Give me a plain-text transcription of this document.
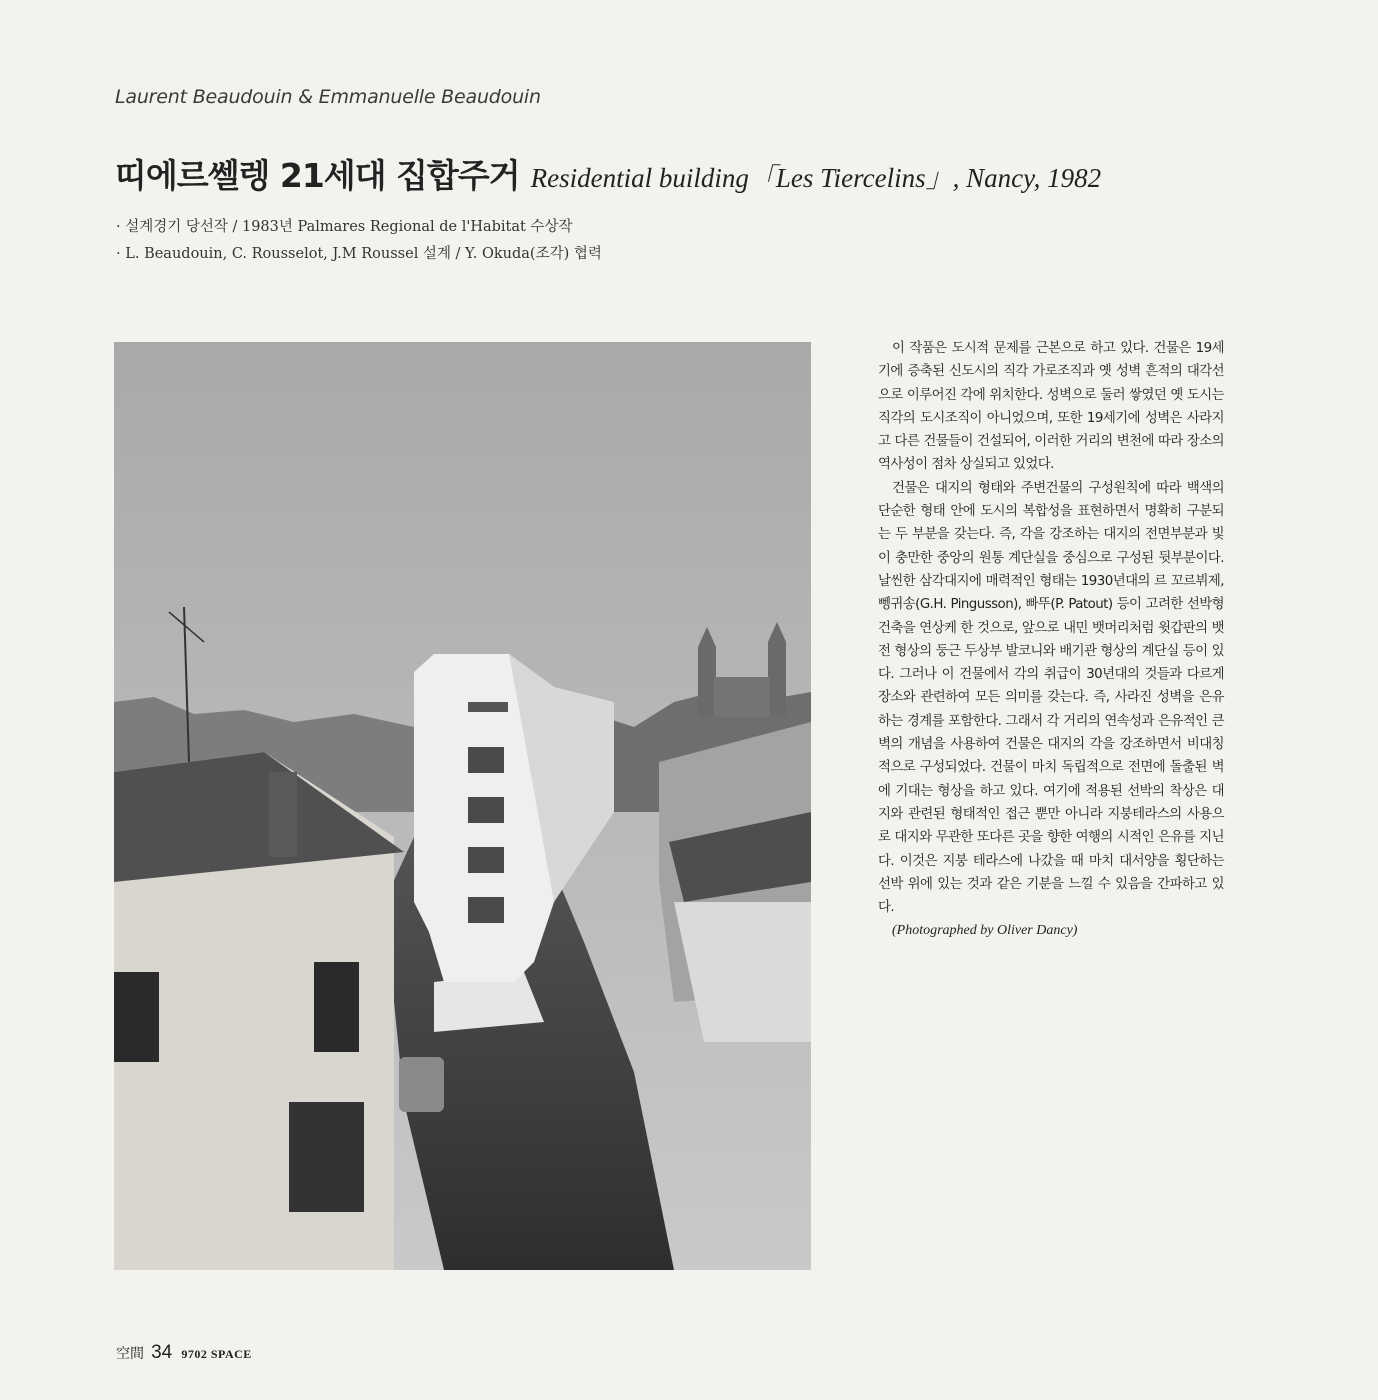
Laurent Beaudouin & Emmanuelle Beaudouin
띠에르쎌렝 21세대 집합주거 Residential building「Les Tiercelins」, Nancy, 1982
· 설계경기 당선작 / 1983년 Palmares Regional de l'Habitat 수상작
· L. Beaudouin, C. Rousselot, J.M Roussel 설계 / Y. Okuda(조각) 협력

이 작품은 도시적 문제를 근본으로 하고 있다. 건물은 19세기에 증축된 신도시의 직각 가로조직과 옛 성벽 흔적의 대각선으로 이루어진 각에 위치한다. 성벽으로 둘러 쌓였던 옛 도시는 직각의 도시조직이 아니었으며, 또한 19세기에 성벽은 사라지고 다른 건물들이 건설되어, 이러한 거리의 변천에 따라 장소의 역사성이 점차 상실되고 있었다.

건물은 대지의 형태와 주변건물의 구성원칙에 따라 백색의 단순한 형태 안에 도시의 복합성을 표현하면서 명확히 구분되는 두 부분을 갖는다. 즉, 각을 강조하는 대지의 전면부분과 빛이 충만한 중앙의 원통 계단실을 중심으로 구성된 뒷부분이다. 날씬한 삼각대지에 매력적인 형태는 1930년대의 르 꼬르뷔제, 뼁귀송(G.H. Pingusson), 빠뚜(P. Patout) 등이 고려한 선박형 건축을 연상케 한 것으로, 앞으로 내민 뱃머리처럼 윗갑판의 뱃전 형상의 둥근 두상부 발코니와 배기관 형상의 계단실 등이 있다. 그러나 이 건물에서 각의 취급이 30년대의 것들과 다르게 장소와 관련하여 모든 의미를 갖는다. 즉, 사라진 성벽을 은유하는 경계를 포함한다. 그래서 각 거리의 연속성과 은유적인 큰 벽의 개념을 사용하여 건물은 대지의 각을 강조하면서 비대칭적으로 구성되었다. 건물이 마치 독립적으로 전면에 돌출된 벽에 기대는 형상을 하고 있다. 여기에 적용된 선박의 착상은 대지와 관련된 형태적인 접근 뿐만 아니라 지붕테라스의 사용으로 대지와 무관한 또다른 곳을 향한 여행의 시적인 은유를 지닌다. 이것은 지붕 테라스에 나갔을 때 마치 대서양을 횡단하는 선박 위에 있는 것과 같은 기분을 느낄 수 있음을 간파하고 있다.

(Photographed by Oliver Dancy)

空間 34 9702 SPACE
